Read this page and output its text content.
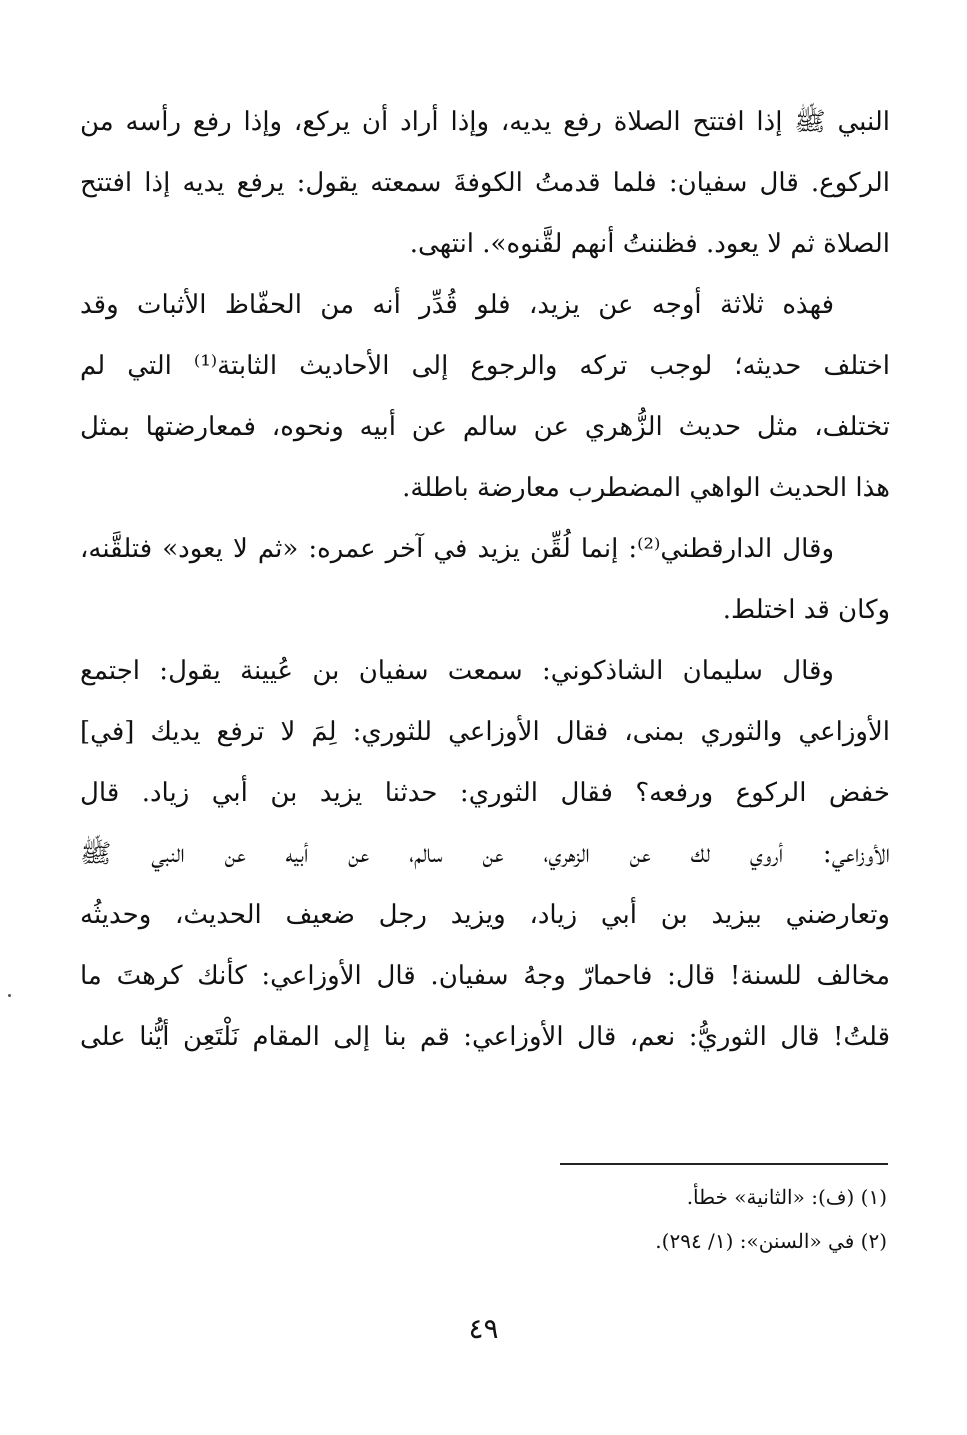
النبي ﷺ إذا افتتح الصلاة رفع يديه، وإذا أراد أن يركع، وإذا رفع رأسه من
الركوع. قال سفيان: فلما قدمتُ الكوفةَ سمعته يقول: يرفع يديه إذا افتتح
الصلاة ثم لا يعود. فظننتُ أنهم لقَّنوه». انتهى.
فهذه ثلاثة أوجه عن يزيد، فلو قُدِّر أنه من الحفّاظ الأثبات وقد
اختلف حديثه؛ لوجب تركه والرجوع إلى الأحاديث الثابتة⁽¹⁾ التي لم
تختلف، مثل حديث الزُّهري عن سالم عن أبيه ونحوه، فمعارضتها بمثل
هذا الحديث الواهي المضطرب معارضة باطلة.
وقال الدارقطني⁽²⁾: إنما لُقِّن يزيد في آخر عمره: «ثم لا يعود» فتلقَّنه،
وكان قد اختلط.
وقال سليمان الشاذكوني: سمعت سفيان بن عُيينة يقول: اجتمع
الأوزاعي والثوري بمنى، فقال الأوزاعي للثوري: لِمَ لا ترفع يديك [في]
خفض الركوع ورفعه؟ فقال الثوري: حدثنا يزيد بن أبي زياد. قال
الأوزاعي: أروي لك عن الزهري، عن سالم، عن أبيه عن النبي ﷺ
وتعارضني بيزيد بن أبي زياد، ويزيد رجل ضعيف الحديث، وحديثُه
مخالف للسنة! قال: فاحمارّ وجهُ سفيان. قال الأوزاعي: كأنك كرهتَ ما
قلتُ! قال الثوريُّ: نعم، قال الأوزاعي: قم بنا إلى المقام نَلْتَعِن أيُّنا على
(١) (ف): «الثانية» خطأ.
(٢) في «السنن»: (١/ ٢٩٤).
٤٩
